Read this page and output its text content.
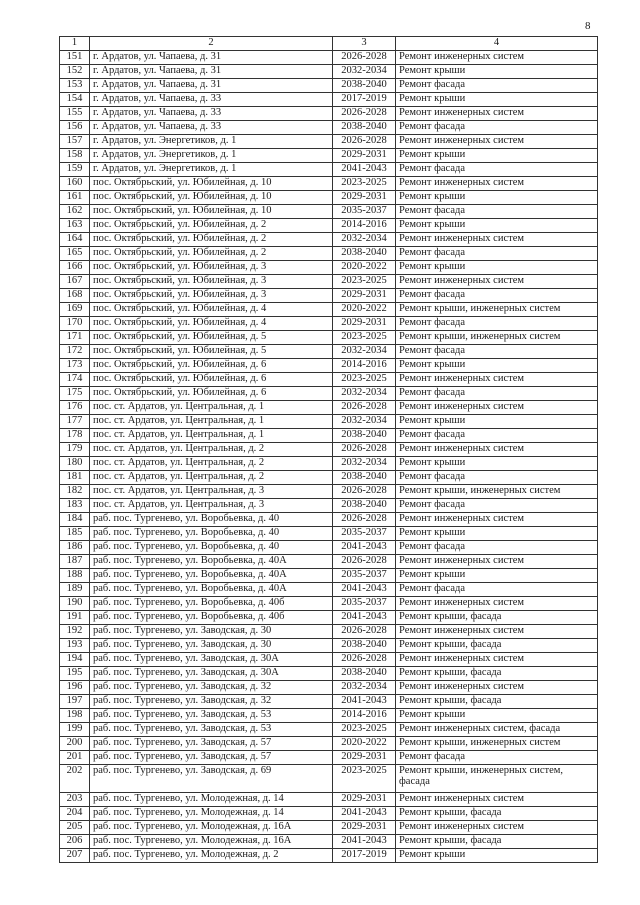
8
1	2	3	4
151	г. Ардатов, ул. Чапаева, д. 31	2026-2028	Ремонт инженерных систем
152	г. Ардатов, ул. Чапаева, д. 31	2032-2034	Ремонт крыши
153	г. Ардатов, ул. Чапаева, д. 31	2038-2040	Ремонт фасада
154	г. Ардатов, ул. Чапаева, д. 33	2017-2019	Ремонт крыши
155	г. Ардатов, ул. Чапаева, д. 33	2026-2028	Ремонт инженерных систем
156	г. Ардатов, ул. Чапаева, д. 33	2038-2040	Ремонт фасада
157	г. Ардатов, ул. Энергетиков, д. 1	2026-2028	Ремонт инженерных систем
158	г. Ардатов, ул. Энергетиков, д. 1	2029-2031	Ремонт крыши
159	г. Ардатов, ул. Энергетиков, д. 1	2041-2043	Ремонт фасада
160	пос. Октябрьский, ул. Юбилейная, д. 10	2023-2025	Ремонт инженерных систем
161	пос. Октябрьский, ул. Юбилейная, д. 10	2029-2031	Ремонт крыши
162	пос. Октябрьский, ул. Юбилейная, д. 10	2035-2037	Ремонт фасада
163	пос. Октябрьский, ул. Юбилейная, д. 2	2014-2016	Ремонт крыши
164	пос. Октябрьский, ул. Юбилейная, д. 2	2032-2034	Ремонт инженерных систем
165	пос. Октябрьский, ул. Юбилейная, д. 2	2038-2040	Ремонт фасада
166	пос. Октябрьский, ул. Юбилейная, д. 3	2020-2022	Ремонт крыши
167	пос. Октябрьский, ул. Юбилейная, д. 3	2023-2025	Ремонт инженерных систем
168	пос. Октябрьский, ул. Юбилейная, д. 3	2029-2031	Ремонт фасада
169	пос. Октябрьский, ул. Юбилейная, д. 4	2020-2022	Ремонт крыши, инженерных систем
170	пос. Октябрьский, ул. Юбилейная, д. 4	2029-2031	Ремонт фасада
171	пос. Октябрьский, ул. Юбилейная, д. 5	2023-2025	Ремонт крыши, инженерных систем
172	пос. Октябрьский, ул. Юбилейная, д. 5	2032-2034	Ремонт фасада
173	пос. Октябрьский, ул. Юбилейная, д. 6	2014-2016	Ремонт крыши
174	пос. Октябрьский, ул. Юбилейная, д. 6	2023-2025	Ремонт инженерных систем
175	пос. Октябрьский, ул. Юбилейная, д. 6	2032-2034	Ремонт фасада
176	пос. ст. Ардатов, ул. Центральная, д. 1	2026-2028	Ремонт инженерных систем
177	пос. ст. Ардатов, ул. Центральная, д. 1	2032-2034	Ремонт крыши
178	пос. ст. Ардатов, ул. Центральная, д. 1	2038-2040	Ремонт фасада
179	пос. ст. Ардатов, ул. Центральная, д. 2	2026-2028	Ремонт инженерных систем
180	пос. ст. Ардатов, ул. Центральная, д. 2	2032-2034	Ремонт крыши
181	пос. ст. Ардатов, ул. Центральная, д. 2	2038-2040	Ремонт фасада
182	пос. ст. Ардатов, ул. Центральная, д. 3	2026-2028	Ремонт крыши, инженерных систем
183	пос. ст. Ардатов, ул. Центральная, д. 3	2038-2040	Ремонт фасада
184	раб. пос. Тургенево, ул. Воробьевка, д. 40	2026-2028	Ремонт инженерных систем
185	раб. пос. Тургенево, ул. Воробьевка, д. 40	2035-2037	Ремонт крыши
186	раб. пос. Тургенево, ул. Воробьевка, д. 40	2041-2043	Ремонт фасада
187	раб. пос. Тургенево, ул. Воробьевка, д. 40А	2026-2028	Ремонт инженерных систем
188	раб. пос. Тургенево, ул. Воробьевка, д. 40А	2035-2037	Ремонт крыши
189	раб. пос. Тургенево, ул. Воробьевка, д. 40А	2041-2043	Ремонт фасада
190	раб. пос. Тургенево, ул. Воробьевка, д. 40б	2035-2037	Ремонт инженерных систем
191	раб. пос. Тургенево, ул. Воробьевка, д. 40б	2041-2043	Ремонт крыши, фасада
192	раб. пос. Тургенево, ул. Заводская, д. 30	2026-2028	Ремонт инженерных систем
193	раб. пос. Тургенево, ул. Заводская, д. 30	2038-2040	Ремонт крыши, фасада
194	раб. пос. Тургенево, ул. Заводская, д. 30А	2026-2028	Ремонт инженерных систем
195	раб. пос. Тургенево, ул. Заводская, д. 30А	2038-2040	Ремонт крыши, фасада
196	раб. пос. Тургенево, ул. Заводская, д. 32	2032-2034	Ремонт инженерных систем
197	раб. пос. Тургенево, ул. Заводская, д. 32	2041-2043	Ремонт крыши, фасада
198	раб. пос. Тургенево, ул. Заводская, д. 53	2014-2016	Ремонт крыши
199	раб. пос. Тургенево, ул. Заводская, д. 53	2023-2025	Ремонт инженерных систем, фасада
200	раб. пос. Тургенево, ул. Заводская, д. 57	2020-2022	Ремонт крыши, инженерных систем
201	раб. пос. Тургенево, ул. Заводская, д. 57	2029-2031	Ремонт фасада
202	раб. пос. Тургенево, ул. Заводская, д. 69	2023-2025	Ремонт крыши, инженерных систем, фасада
203	раб. пос. Тургенево, ул. Молодежная, д. 14	2029-2031	Ремонт инженерных систем
204	раб. пос. Тургенево, ул. Молодежная, д. 14	2041-2043	Ремонт крыши, фасада
205	раб. пос. Тургенево, ул. Молодежная, д. 16А	2029-2031	Ремонт инженерных систем
206	раб. пос. Тургенево, ул. Молодежная, д. 16А	2041-2043	Ремонт крыши, фасада
207	раб. пос. Тургенево, ул. Молодежная, д. 2	2017-2019	Ремонт крыши
